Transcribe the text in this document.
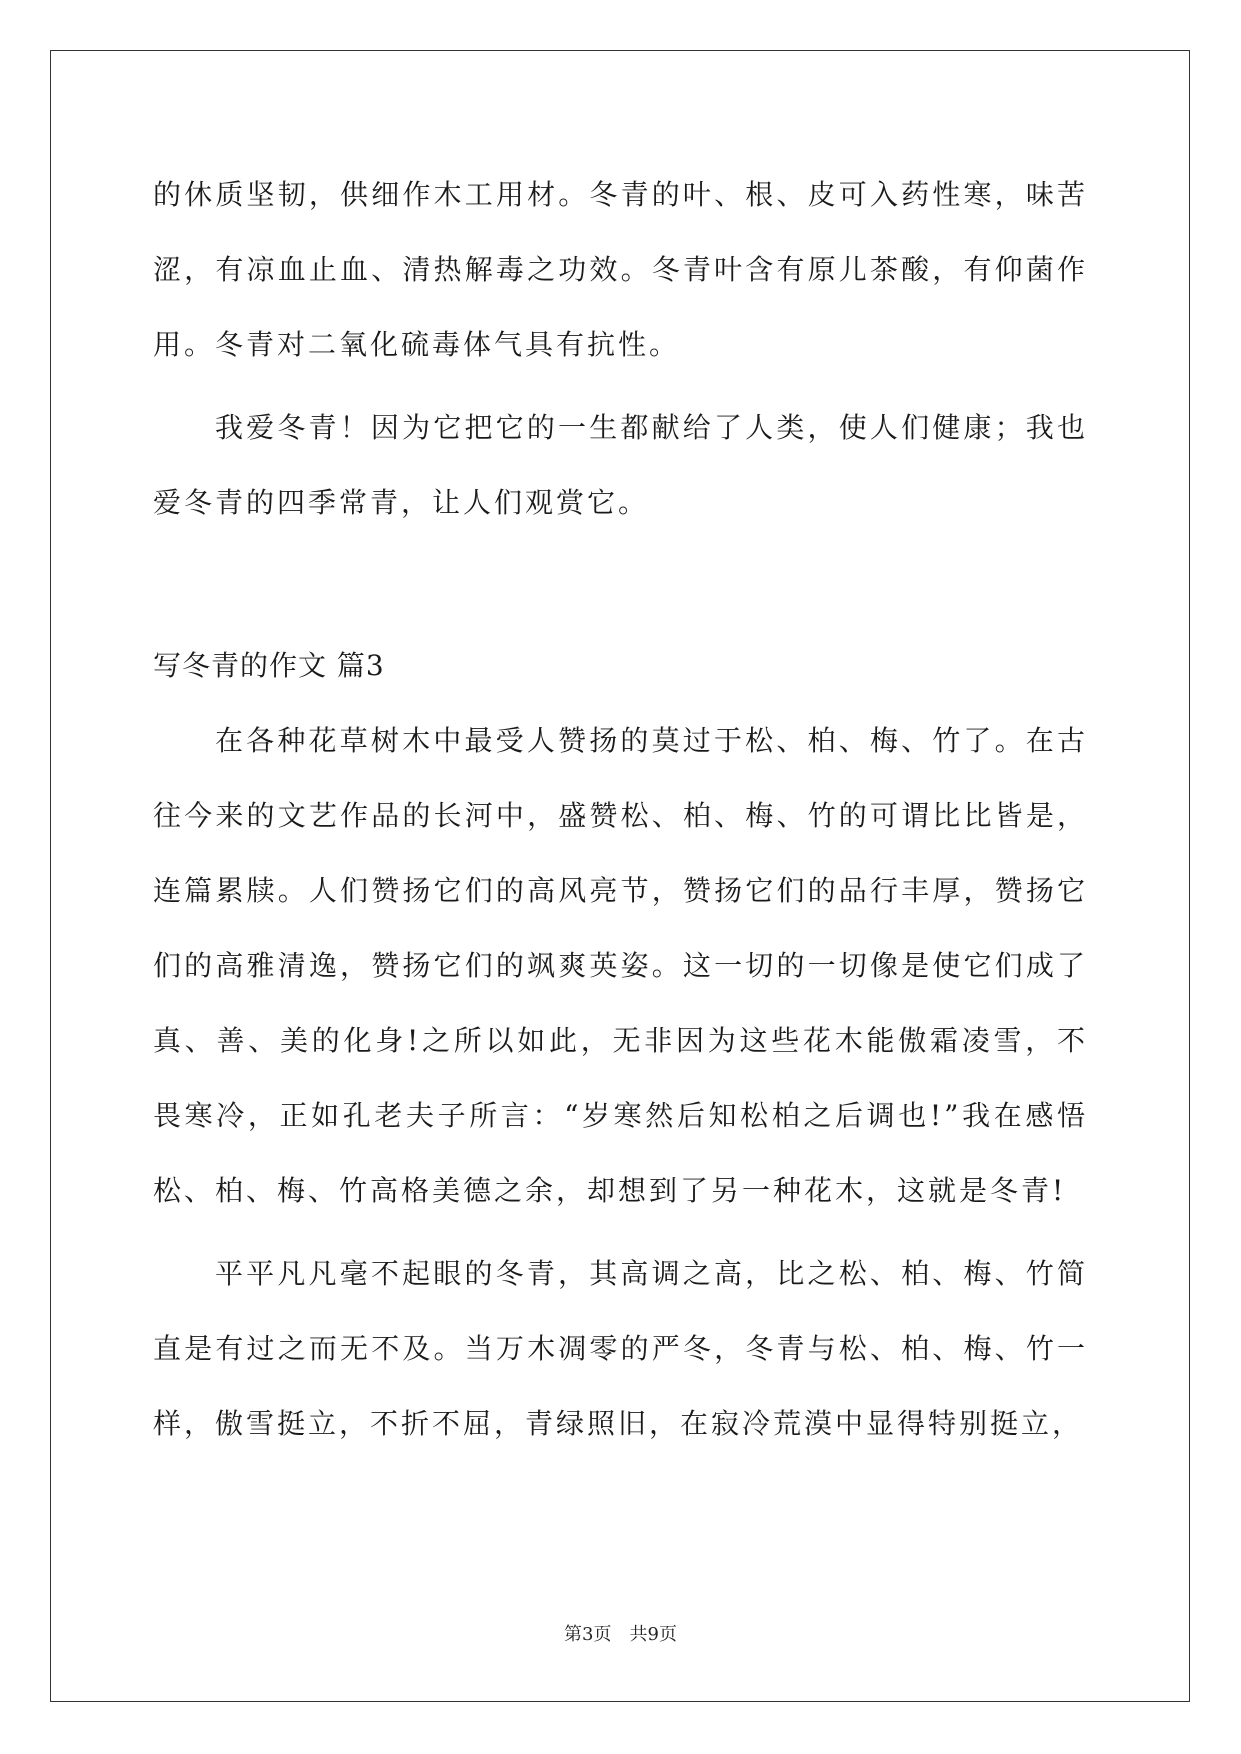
的休质坚韧，供细作木工用材。冬青的叶、根、皮可入药性寒，味苦涩，有凉血止血、清热解毒之功效。冬青叶含有原儿茶酸，有仰菌作用。冬青对二氧化硫毒体气具有抗性。

我爱冬青！因为它把它的一生都献给了人类，使人们健康；我也爱冬青的四季常青，让人们观赏它。

写冬青的作文 篇3

在各种花草树木中最受人赞扬的莫过于松、柏、梅、竹了。在古往今来的文艺作品的长河中，盛赞松、柏、梅、竹的可谓比比皆是，连篇累牍。人们赞扬它们的高风亮节，赞扬它们的品行丰厚，赞扬它们的高雅清逸，赞扬它们的飒爽英姿。这一切的一切像是使它们成了真、善、美的化身!之所以如此，无非因为这些花木能傲霜凌雪，不畏寒冷，正如孔老夫子所言：“岁寒然后知松柏之后调也!”我在感悟松、柏、梅、竹高格美德之余，却想到了另一种花木，这就是冬青!

平平凡凡毫不起眼的冬青，其高调之高，比之松、柏、梅、竹简直是有过之而无不及。当万木凋零的严冬，冬青与松、柏、梅、竹一样，傲雪挺立，不折不屈，青绿照旧，在寂冷荒漠中显得特别挺立，

第3页　共9页
